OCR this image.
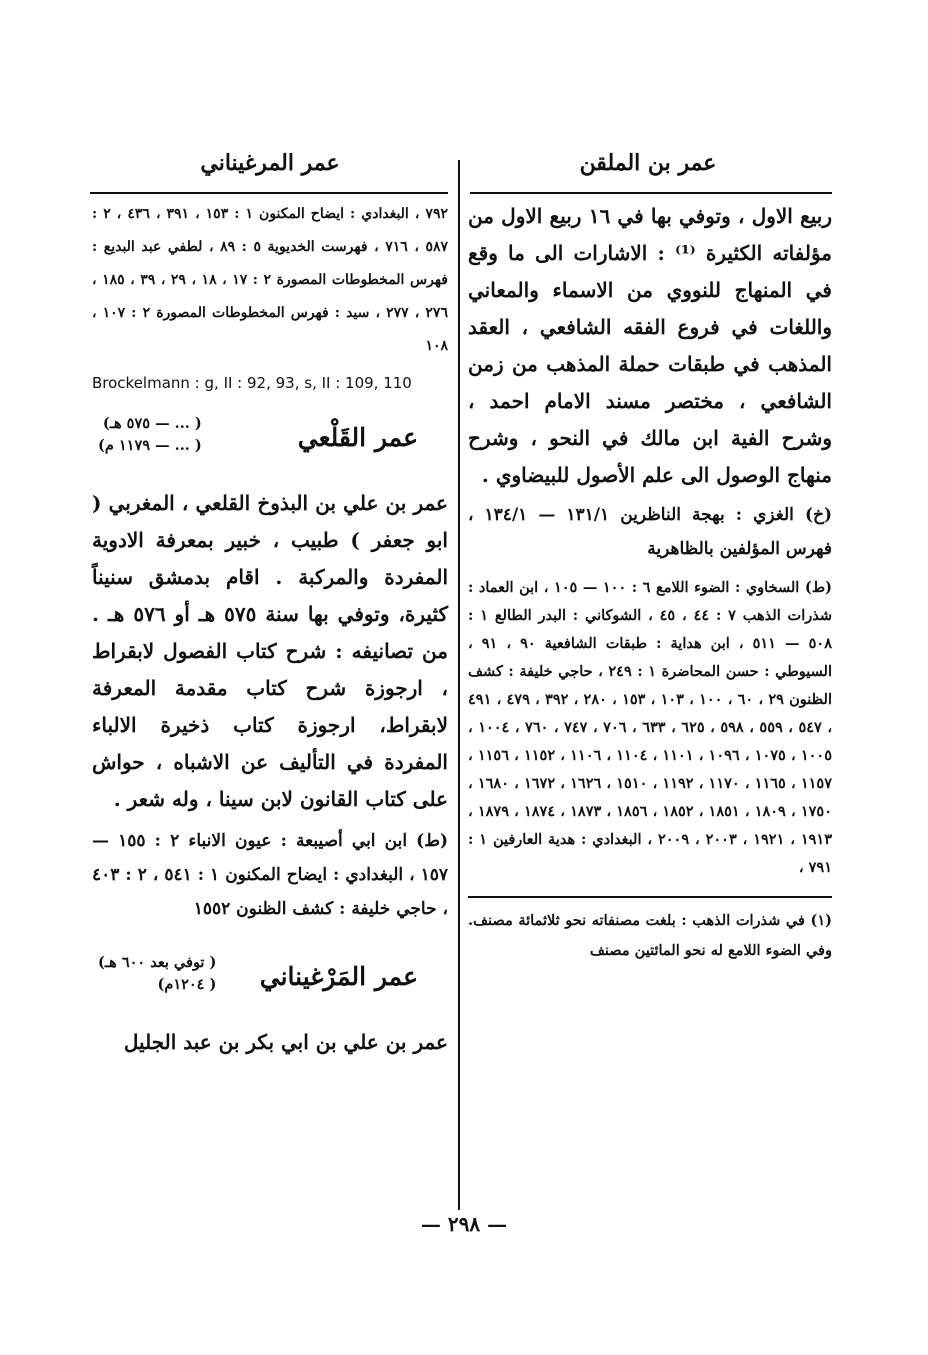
عمر بن الملقن
عمر المرغيناني

ربيع الاول ، وتوفي بها في ١٦ ربيع الاول من مؤلفاته الكثيرة ⁽¹⁾ : الاشارات الى ما وقع في المنهاج للنووي من الاسماء والمعاني واللغات في فروع الفقه الشافعي ، العقد المذهب في طبقات حملة المذهب من زمن الشافعي ، مختصر مسند الامام احمد ، وشرح الفية ابن مالك في النحو ، وشرح منهاج الوصول الى علم الأصول للبيضاوي .

(خ) الغزي : بهجة الناظرين ١٣١/١ — ١٣٤/١ ، فهرس المؤلفين بالظاهرية

(ط) السخاوي : الضوء اللامع ٦ : ١٠٠ — ١٠٥ ، ابن العماد : شذرات الذهب ٧ : ٤٤ ، ٤٥ ، الشوكاني : البدر الطالع ١ : ٥٠٨ — ٥١١ ، ابن هداية : طبقات الشافعية ٩٠ ، ٩١ ، السيوطي : حسن المحاضرة ١ : ٢٤٩ ، حاجي خليفة : كشف الظنون ٢٩ ، ٦٠ ، ١٠٠ ، ١٠٣ ، ١٥٣ ، ٢٨٠ ، ٣٩٢ ، ٤٧٩ ، ٤٩١ ، ٥٤٧ ، ٥٥٩ ، ٥٩٨ ، ٦٢٥ ، ٦٣٣ ، ٧٠٦ ، ٧٤٧ ، ٧٦٠ ، ١٠٠٤ ، ١٠٠٥ ، ١٠٧٥ ، ١٠٩٦ ، ١١٠١ ، ١١٠٤ ، ١١٠٦ ، ١١٥٢ ، ١١٥٦ ، ١١٥٧ ، ١١٦٥ ، ١١٧٠ ، ١١٩٢ ، ١٥١٠ ، ١٦٢٦ ، ١٦٧٢ ، ١٦٨٠ ، ١٧٥٠ ، ١٨٠٩ ، ١٨٥١ ، ١٨٥٢ ، ١٨٥٦ ، ١٨٧٣ ، ١٨٧٤ ، ١٨٧٩ ، ١٩١٣ ، ١٩٢١ ، ٢٠٠٣ ، ٢٠٠٩ ، البغدادي : هدية العارفين ١ : ٧٩١ ،

(١) في شذرات الذهب : بلغت مصنفاته نحو ثلاثمائة مصنف. وفي الضوء اللامع له نحو المائتين مصنف

٧٩٢ ، البغدادي : ايضاح المكنون ١ : ١٥٣ ، ٣٩١ ، ٤٣٦ ، ٢ : ٥٨٧ ، ٧١٦ ، فهرست الخديوية ٥ : ٨٩ ، لطفي عبد البديع : فهرس المخطوطات المصورة ٢ : ١٧ ، ١٨ ، ٢٩ ، ٣٩ ، ١٨٥ ، ٢٧٦ ، ٢٧٧ ، سيد : فهرس المخطوطات المصورة ٢ : ١٠٧ ، ١٠٨

Brockelmann : g, II : 92, 93, s, II : 109, 110

عمر القَلْعي
( ... — ٥٧٥ هـ)
( ... — ١١٧٩ م)

عمر بن علي بن البذوخ القلعي ، المغربي ( ابو جعفر ) طبيب ، خبير بمعرفة الادوية المفردة والمركبة . اقام بدمشق سنيناً كثيرة، وتوفي بها سنة ٥٧٥ هـ أو ٥٧٦ هـ . من تصانيفه : شرح كتاب الفصول لابقراط ، ارجوزة شرح كتاب مقدمة المعرفة لابقراط، ارجوزة كتاب ذخيرة الالباء المفردة في التأليف عن الاشباه ، حواش على كتاب القانون لابن سينا ، وله شعر .

(ط) ابن ابي أصيبعة : عيون الانباء ٢ : ١٥٥ — ١٥٧ ، البغدادي : ايضاح المكنون ١ : ٥٤١ ، ٢ : ٤٠٣ ، حاجي خليفة : كشف الظنون ١٥٥٢

عمر المَرْغيناني
( توفي بعد ٦٠٠ هـ)
( ١٢٠٤م)

عمر بن علي بن ابي بكر بن عبد الجليل

— ٢٩٨ —
